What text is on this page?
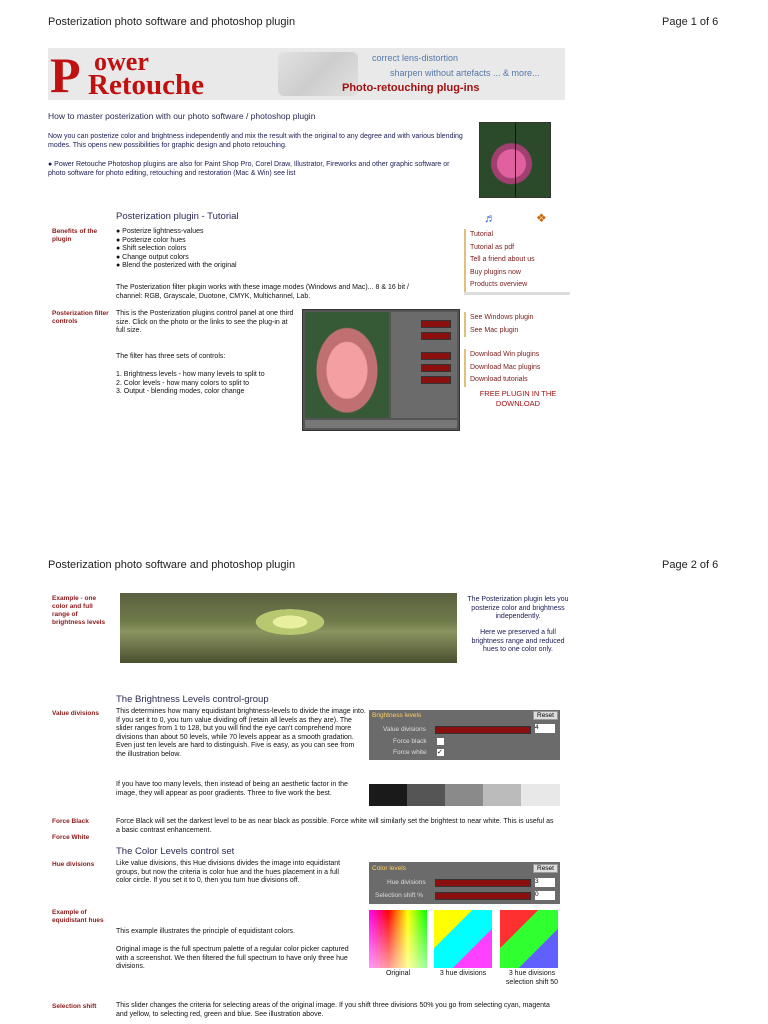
Posterization photo software and photoshop plugin	Page 1 of 6
P ower
Retouche
correct lens-distortion
sharpen without artefacts ... & more...
Photo-retouching plug-ins
How to master posterization with our photo software / photoshop plugin
Now you can posterize color and brightness independently and mix the result with the original to any degree and with various blending modes. This opens new possibilities for graphic design and photo retouching.
● Power Retouche Photoshop plugins are also for Paint Shop Pro, Corel Draw, Illustrator, Fireworks and other graphic software or photo software for photo editing, retouching and restoration (Mac & Win) see list
Posterization plugin - Tutorial	♬	❖
Benefits of the plugin
● Posterize lightness-values
● Posterize color hues
● Shift selection colors
● Change output colors
● Blend the posterized with the original
The Posterization filter plugin works with these image modes (Windows and Mac)... 8 & 16 bit / channel: RGB, Grayscale, Duotone, CMYK, Multichannel, Lab.
Tutorial
Tutorial as pdf
Tell a friend about us
Buy plugins now
Products overview
Posterization filter controls
This is the Posterization plugins control panel at one third size. Click on the photo or the links to see the plug-in at full size.
The filter has three sets of controls:
1. Brightness levels - how many levels to split to
2. Color levels - how many colors to split to
3. Output - blending modes, color change
See Windows plugin
See Mac plugin
Download Win plugins
Download Mac plugins
Download tutorials
FREE PLUGIN IN THE DOWNLOAD
Posterization photo software and photoshop plugin	Page 2 of 6
Example - one color and full range of brightness levels
The Posterization plugin lets you posterize color and brightness independently.
Here we preserved a full brightness range and reduced hues to one color only.
The Brightness Levels control-group
Value divisions This determines how many equidistant brightness-levels to divide the image into. If you set it to 0, you turn value dividing off (retain all levels as they are). The slider ranges from 1 to 128, but you will find the eye can't comprehend more divisions than about 50 levels, while 70 levels appear as a smooth gradation. Even just ten levels are hard to distinguish. Five is easy, as you can see from the illustration below.
If you have too many levels, then instead of being an aesthetic factor in the image, they will appear as poor gradients. Three to five work the best.
Brightness levels	Reset
Value divisions	4
Force black
Force white ✓
Force Black
Force White
Force Black will set the darkest level to be as near black as possible. Force white will similarly set the brightest to near white. This is useful as a basic contrast enhancement.
The Color Levels control set
Hue divisions	Like value divisions, this Hue divisions divides the image into equidistant groups, but now the criteria is color hue and the hues placement in a full color circle. If you set it to 0, then you turn hue divisions off.
Color levels	Reset
Hue divisions	3
Selection shift %	0
Example of equidistant hues
This example illustrates the principle of equidistant colors.
Original image is the full spectrum palette of a regular color picker captured with a screenshot. We then filtered the full spectrum to have only three hue divisions.
Original	3 hue divisions	3 hue divisions selection shift 50
Selection shift	This slider changes the criteria for selecting areas of the original image. If you shift three divisions 50% you go from selecting cyan, magenta and yellow, to selecting red, green and blue. See illustration above.
